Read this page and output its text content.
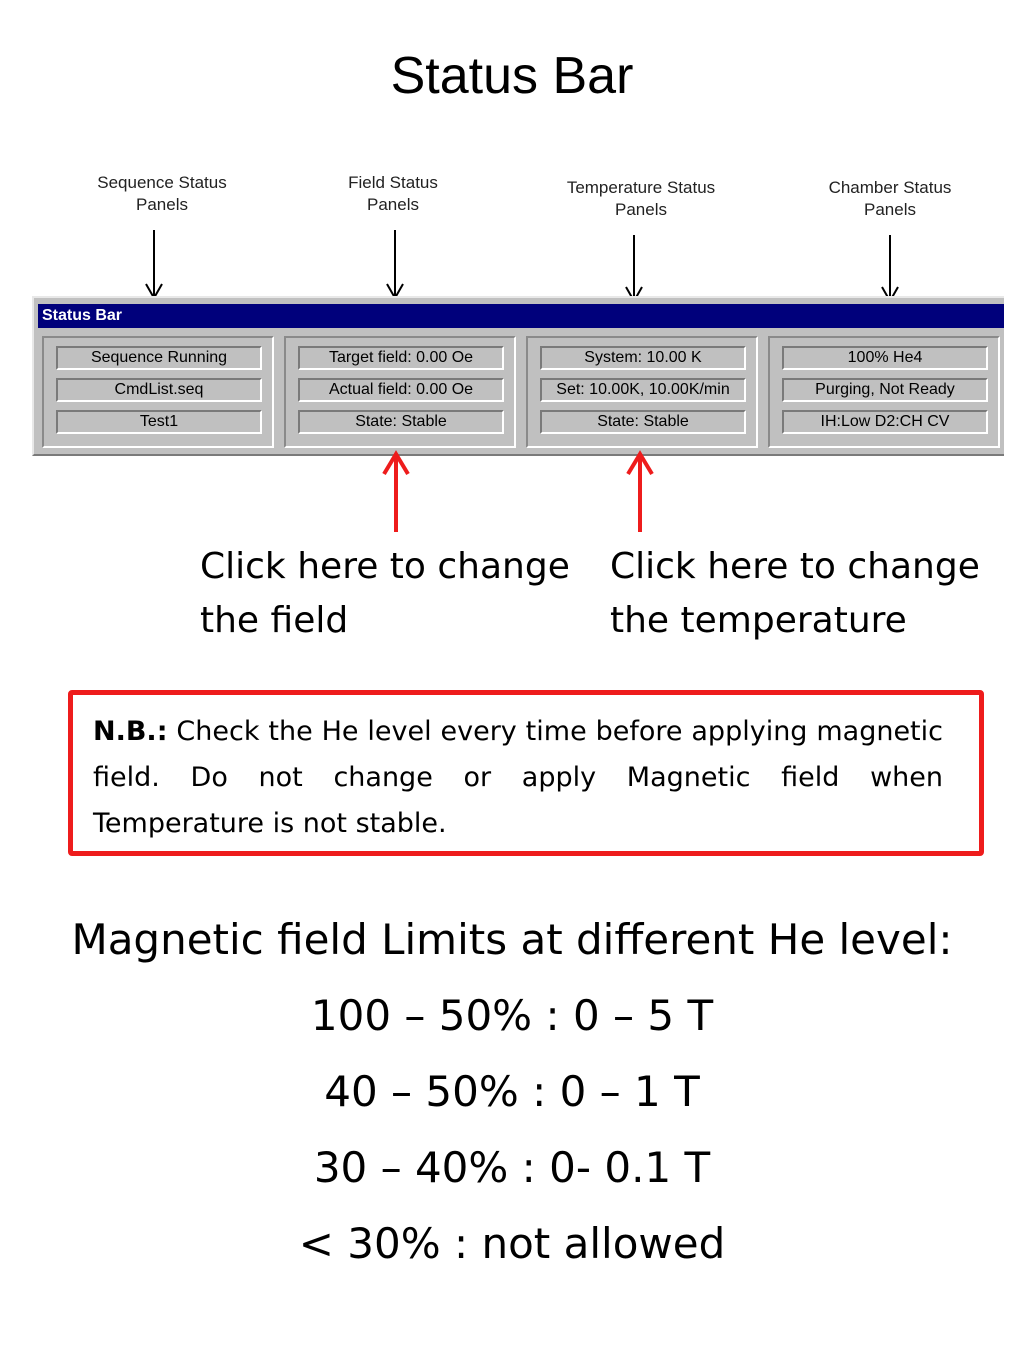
Status Bar
Sequence Status
Panels
Field Status
Panels
Temperature Status
Panels
Chamber Status
Panels
Status Bar
Sequence Running
CmdList.seq
Test1
Target field: 0.00 Oe
Actual field: 0.00 Oe
State: Stable
System: 10.00 K
Set: 10.00K, 10.00K/min
State: Stable
100% He4
Purging, Not Ready
IH:Low D2:CH CV
Click here to change
the field
Click here to change
the temperature
N.B.: Check the He level every time before applying magnetic field. Do not change or apply Magnetic field when Temperature is not stable.
Magnetic field Limits at different He level:
100 – 50% : 0 – 5 T
40 – 50% : 0 – 1 T
30 – 40% : 0- 0.1 T
< 30% : not allowed
